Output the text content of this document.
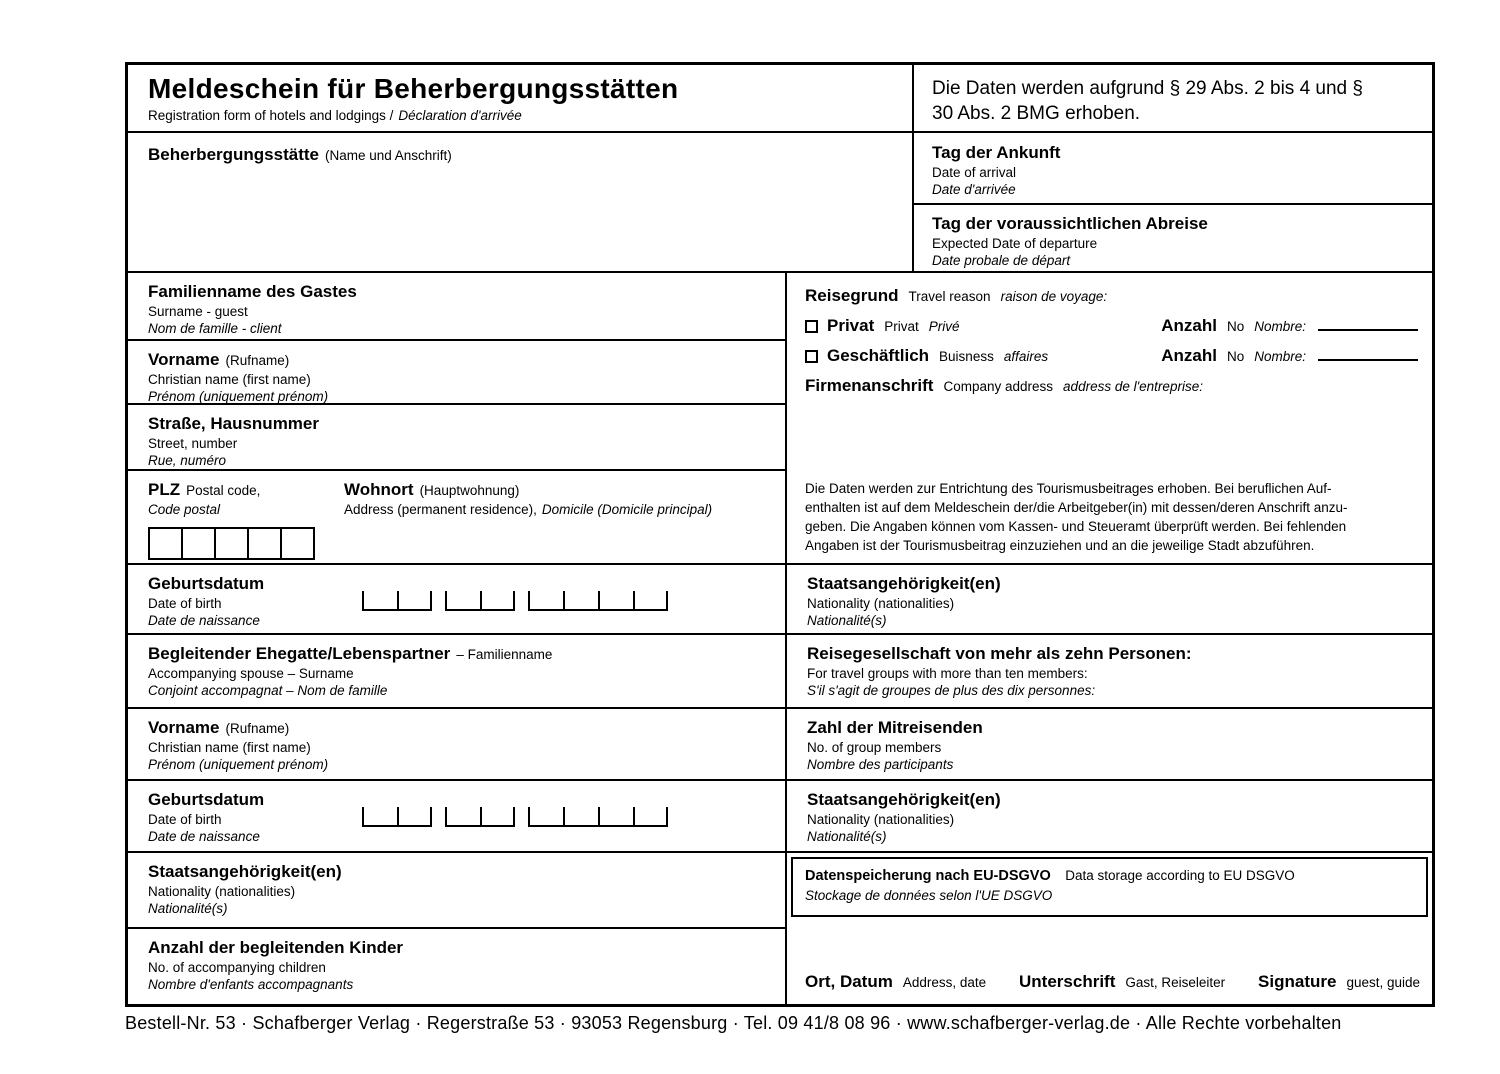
Meldeschein für Beherbergungsstätten
Registration form of hotels and lodgings / Déclaration d'arrivée
Die Daten werden aufgrund § 29 Abs. 2 bis 4 und § 30 Abs. 2 BMG erhoben.
Beherbergungsstätte (Name und Anschrift)	Tag der Ankunft
Date of arrival
Date d'arrivée
Tag der voraussichtlichen Abreise
Expected Date of departure
Date probale de départ
Familienname des Gastes
Surname - guest
Nom de famille - client
Vorname (Rufname)
Christian name (first name)
Prénom (uniquement prénom)
Straße, Hausnummer
Street, number
Rue, numéro
PLZ Postal code,
Code postal
Wohnort (Hauptwohnung)
Address (permanent residence), Domicile (Domicile principal)
Geburtsdatum
Date of birth
Date de naissance
Begleitender Ehegatte/Lebenspartner – Familienname
Accompanying spouse – Surname
Conjoint accompagnat – Nom de famille
Vorname (Rufname)
Christian name (first name)
Prénom (uniquement prénom)
Geburtsdatum
Date of birth
Date de naissance
Staatsangehörigkeit(en)
Nationality (nationalities)
Nationalité(s)
Anzahl der begleitenden Kinder
No. of accompanying children
Nombre d'enfants accompagnants
Reisegrund Travel reason raison de voyage:
Privat Privat Privé	Anzahl No Nombre:
Geschäftlich Buisness affaires	Anzahl No Nombre:
Firmenanschrift Company address address de l'entreprise:
Die Daten werden zur Entrichtung des Tourismusbeitrages erhoben. Bei beruflichen Auf-
enthalten ist auf dem Meldeschein der/die Arbeitgeber(in) mit dessen/deren Anschrift anzu-
geben. Die Angaben können vom Kassen- und Steueramt überprüft werden. Bei fehlenden
Angaben ist der Tourismusbeitrag einzuziehen und an die jeweilige Stadt abzuführen.
Staatsangehörigkeit(en)
Nationality (nationalities)
Nationalité(s)
Reisegesellschaft von mehr als zehn Personen:
For travel groups with more than ten members:
S'il s'agit de groupes de plus des dix personnes:
Zahl der Mitreisenden
No. of group members
Nombre des participants
Staatsangehörigkeit(en)
Nationality (nationalities)
Nationalité(s)
Datenspeicherung nach EU-DSGVO Data storage according to EU DSGVO
Stockage de données selon l'UE DSGVO
Ort, Datum Address, date Unterschrift Gast, Reiseleiter Signature guest, guide
Bestell-Nr. 53 · Schafberger Verlag · Regerstraße 53 · 93053 Regensburg · Tel. 09 41/8 08 96 · www.schafberger-verlag.de · Alle Rechte vorbehalten
